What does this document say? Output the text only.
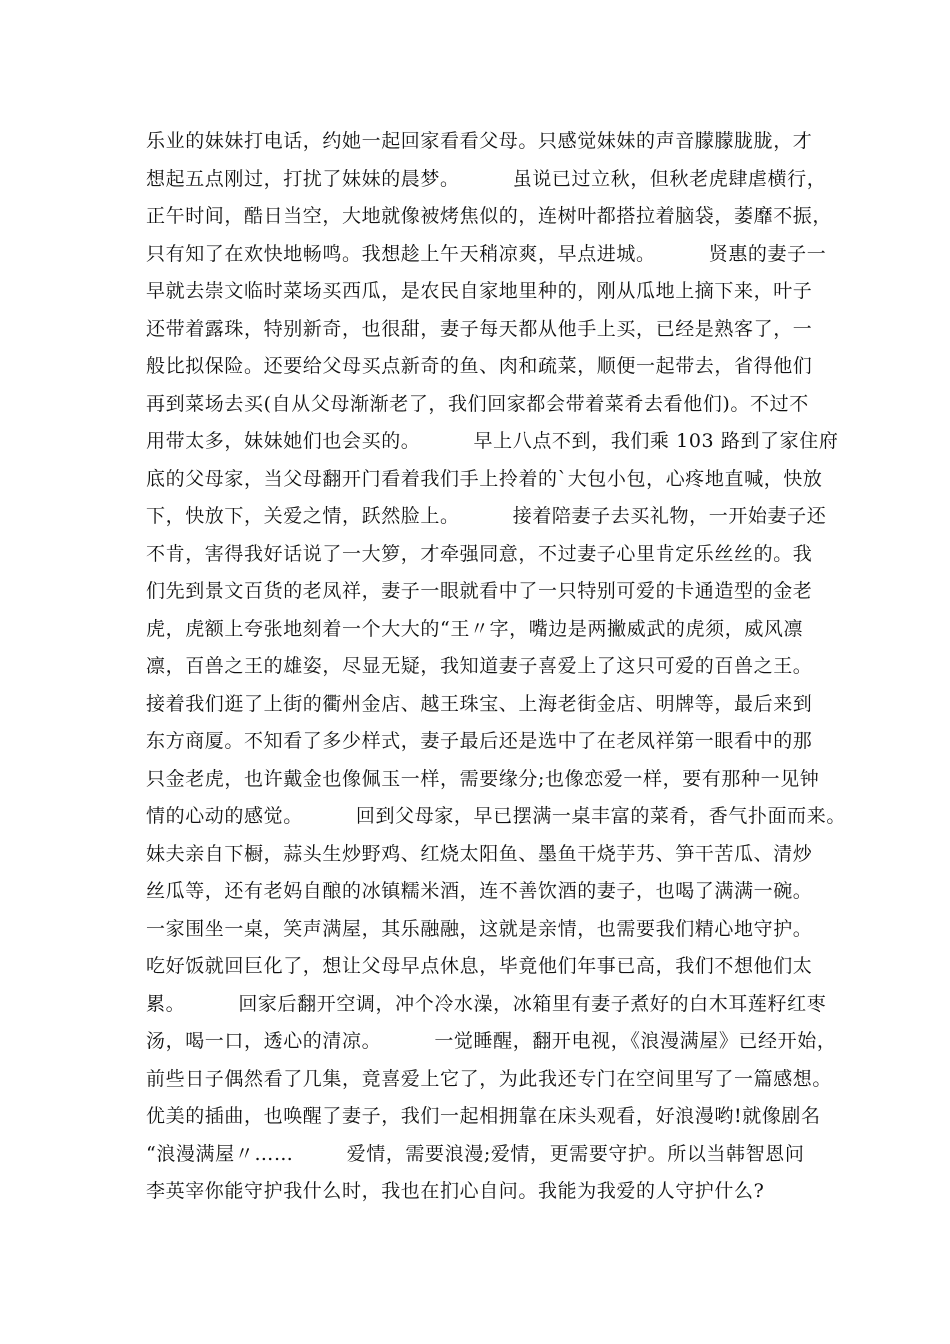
乐业的妹妹打电话，约她一起回家看看父母。只感觉妹妹的声音朦朦胧胧，才
想起五点刚过，打扰了妹妹的晨梦。        虽说已过立秋，但秋老虎肆虐横行，
正午时间，酷日当空，大地就像被烤焦似的，连树叶都搭拉着脑袋，萎靡不振，
只有知了在欢快地畅鸣。我想趁上午天稍凉爽，早点进城。        贤惠的妻子一
早就去崇文临时菜场买西瓜，是农民自家地里种的，刚从瓜地上摘下来，叶子
还带着露珠，特别新奇，也很甜，妻子每天都从他手上买，已经是熟客了，一
般比拟保险。还要给父母买点新奇的鱼、肉和疏菜，顺便一起带去，省得他们
再到菜场去买(自从父母渐渐老了，我们回家都会带着菜肴去看他们)。不过不
用带太多，妹妹她们也会买的。        早上八点不到，我们乘 103 路到了家住府
底的父母家，当父母翻开门看着我们手上拎着的`大包小包，心疼地直喊，快放
下，快放下，关爱之情，跃然脸上。        接着陪妻子去买礼物，一开始妻子还
不肯，害得我好话说了一大箩，才牵强同意，不过妻子心里肯定乐丝丝的。我
们先到景文百货的老凤祥，妻子一眼就看中了一只特别可爱的卡通造型的金老
虎，虎额上夸张地刻着一个大大的“王〃字，嘴边是两撇威武的虎须，威风凛
凛，百兽之王的雄姿，尽显无疑，我知道妻子喜爱上了这只可爱的百兽之王。
接着我们逛了上街的衢州金店、越王珠宝、上海老街金店、明牌等，最后来到
东方商厦。不知看了多少样式，妻子最后还是选中了在老凤祥第一眼看中的那
只金老虎，也许戴金也像佩玉一样，需要缘分;也像恋爱一样，要有那种一见钟
情的心动的感觉。        回到父母家，早已摆满一桌丰富的菜肴，香气扑面而来。
妹夫亲自下橱，蒜头生炒野鸡、红烧太阳鱼、墨鱼干烧芋艿、笋干苦瓜、清炒
丝瓜等，还有老妈自酿的冰镇糯米酒，连不善饮酒的妻子，也喝了满满一碗。
一家围坐一桌，笑声满屋，其乐融融，这就是亲情，也需要我们精心地守护。
吃好饭就回巨化了，想让父母早点休息，毕竟他们年事已高，我们不想他们太
累。        回家后翻开空调，冲个冷水澡，冰箱里有妻子煮好的白木耳莲籽红枣
汤，喝一口，透心的清凉。        一觉睡醒，翻开电视，《浪漫满屋》已经开始，
前些日子偶然看了几集，竟喜爱上它了，为此我还专门在空间里写了一篇感想。
优美的插曲，也唤醒了妻子，我们一起相拥靠在床头观看，好浪漫哟!就像剧名
“浪漫满屋〃……        爱情，需要浪漫;爱情，更需要守护。所以当韩智恩问
李英宰你能守护我什么时，我也在扪心自问。我能为我爱的人守护什么?
